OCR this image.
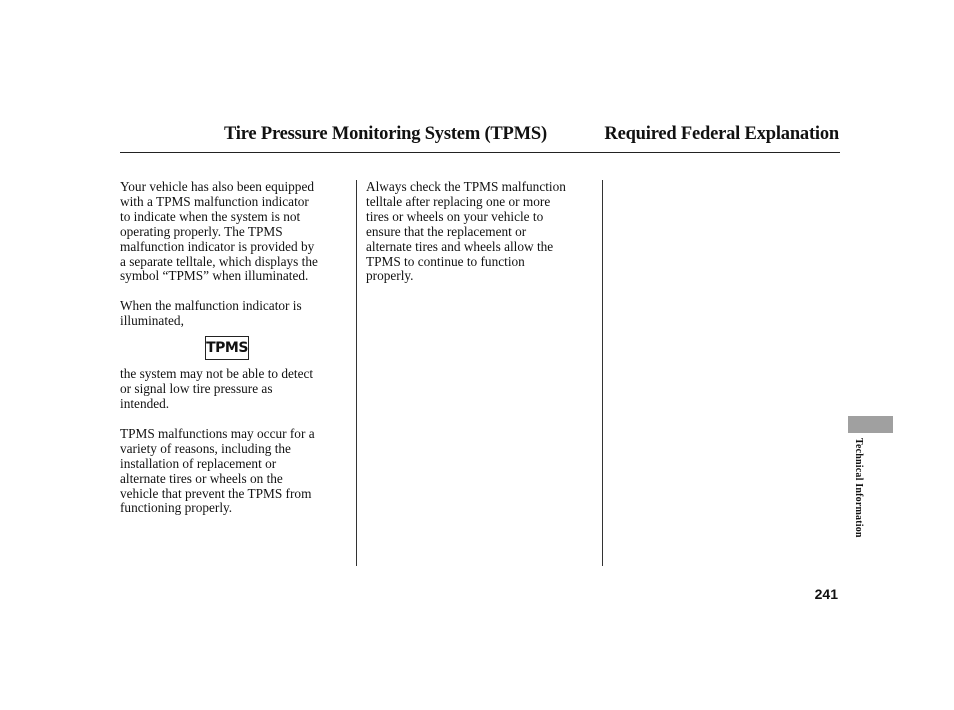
Tire Pressure Monitoring System (TPMS)	Required Federal Explanation

Your vehicle has also been equipped
with a TPMS malfunction indicator
to indicate when the system is not
operating properly. The TPMS
malfunction indicator is provided by
a separate telltale, which displays the
symbol “TPMS” when illuminated.

When the malfunction indicator is
illuminated,

TPMS

the system may not be able to detect
or signal low tire pressure as
intended.

TPMS malfunctions may occur for a
variety of reasons, including the
installation of replacement or
alternate tires or wheels on the
vehicle that prevent the TPMS from
functioning properly.

Always check the TPMS malfunction
telltale after replacing one or more
tires or wheels on your vehicle to
ensure that the replacement or
alternate tires and wheels allow the
TPMS to continue to function
properly.

Technical Information
241
